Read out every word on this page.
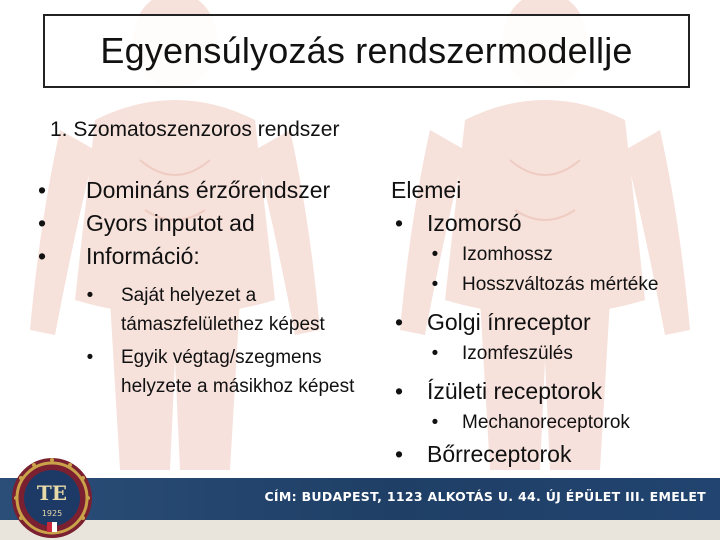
Egyensúlyozás rendszermodellje
1. Szomatoszenzoros rendszer
•	Domináns érzőrendszer
•	Gyors inputot ad
•	Információ:
• Saját helyezet a támaszfelülethez képest
• Egyik végtag/szegmens helyzete a másikhoz képest
Elemei
• Izomorsó
• Izomhossz
• Hosszváltozás mértéke
• Golgi ínreceptor
• Izomfeszülés
• Ízületi receptorok
• Mechanoreceptorok
• Bőrreceptorok
CÍM: BUDAPEST, 1123 ALKOTÁS U. 44. ÚJ ÉPÜLET III. EMELET
TE
1925
